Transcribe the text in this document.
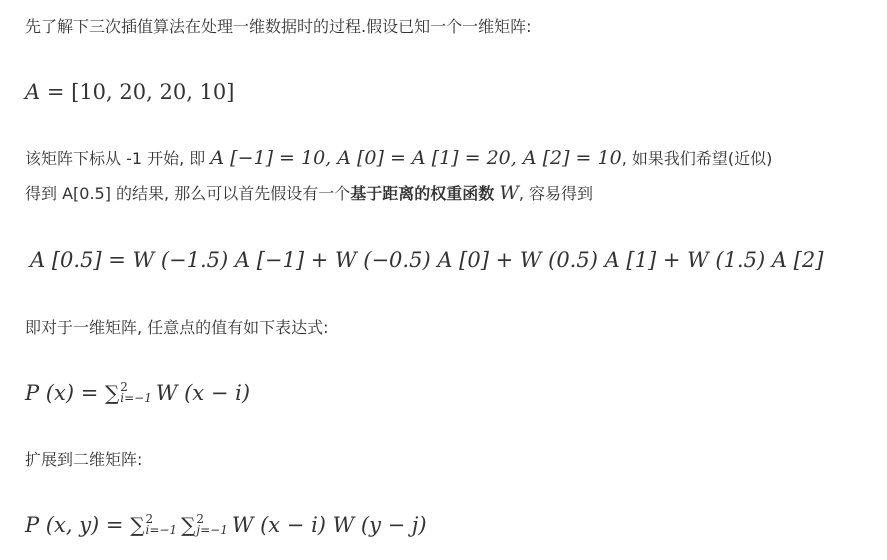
先了解下三次插值算法在处理一维数据时的过程.假设已知一个一维矩阵:

A = [10, 20, 20, 10]

该矩阵下标从 -1 开始, 即 A [−1] = 10, A [0] = A [1] = 20, A [2] = 10, 如果我们希望(近似)

得到 A[0.5] 的结果, 那么可以首先假设有一个基于距离的权重函数 W, 容易得到

A [0.5] = W (−1.5) A [−1] + W (−0.5) A [0] + W (0.5) A [1] + W (1.5) A [2]

即对于一维矩阵, 任意点的值有如下表达式:

P (x) = ∑ 2
i=−1 W (x − i)

扩展到二维矩阵:

P (x, y) = ∑ 2
i=−1 ∑ 2
j=−1 W (x − i) W (y − j)
